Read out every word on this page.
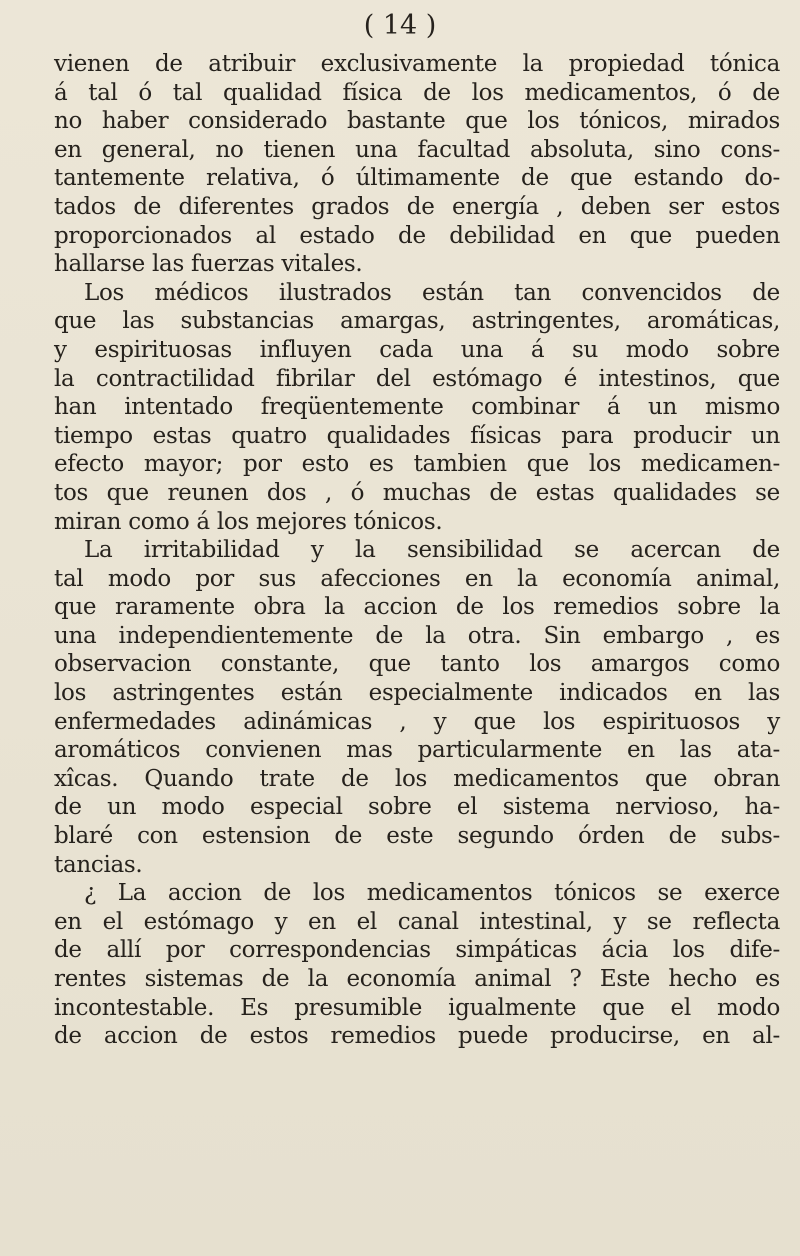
( 14 )
vienen de atribuir exclusivamente la propiedad tónica
á tal ó tal qualidad física de los medicamentos, ó de
no haber considerado bastante que los tónicos, mirados
en general, no tienen una facultad absoluta, sino cons-
tantemente relativa, ó últimamente de que estando do-
tados de diferentes grados de energía , deben ser estos
proporcionados al estado de debilidad en que pueden
hallarse las fuerzas vitales.
Los médicos ilustrados están tan convencidos de
que las substancias amargas, astringentes, aromáticas,
y espirituosas influyen cada una á su modo sobre
la contractilidad fibrilar del estómago é intestinos, que
han intentado freqüentemente combinar á un mismo
tiempo estas quatro qualidades físicas para producir un
efecto mayor; por esto es tambien que los medicamen-
tos que reunen dos , ó muchas de estas qualidades se
miran como á los mejores tónicos.
La irritabilidad y la sensibilidad se acercan de
tal modo por sus afecciones en la economía animal,
que raramente obra la accion de los remedios sobre la
una independientemente de la otra. Sin embargo , es
observacion constante, que tanto los amargos como
los astringentes están especialmente indicados en las
enfermedades adinámicas , y que los espirituosos y
aromáticos convienen mas particularmente en las ata-
xîcas. Quando trate de los medicamentos que obran
de un modo especial sobre el sistema nervioso, ha-
blaré con estension de este segundo órden de subs-
tancias.
¿ La accion de los medicamentos tónicos se exerce
en el estómago y en el canal intestinal, y se reflecta
de allí por correspondencias simpáticas ácia los dife-
rentes sistemas de la economía animal ? Este hecho es
incontestable. Es presumible igualmente que el modo
de accion de estos remedios puede producirse, en al-
